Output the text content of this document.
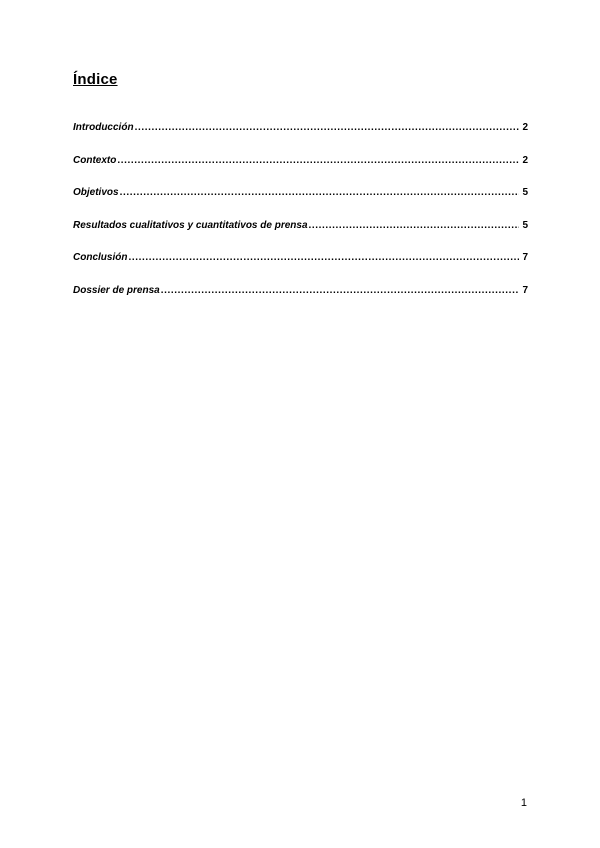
Índice
Introducción .....	2
Contexto .....	2
Objetivos .....	5
Resultados cualitativos y cuantitativos de prensa .....	5
Conclusión .....	7
Dossier de prensa .....	7
1
